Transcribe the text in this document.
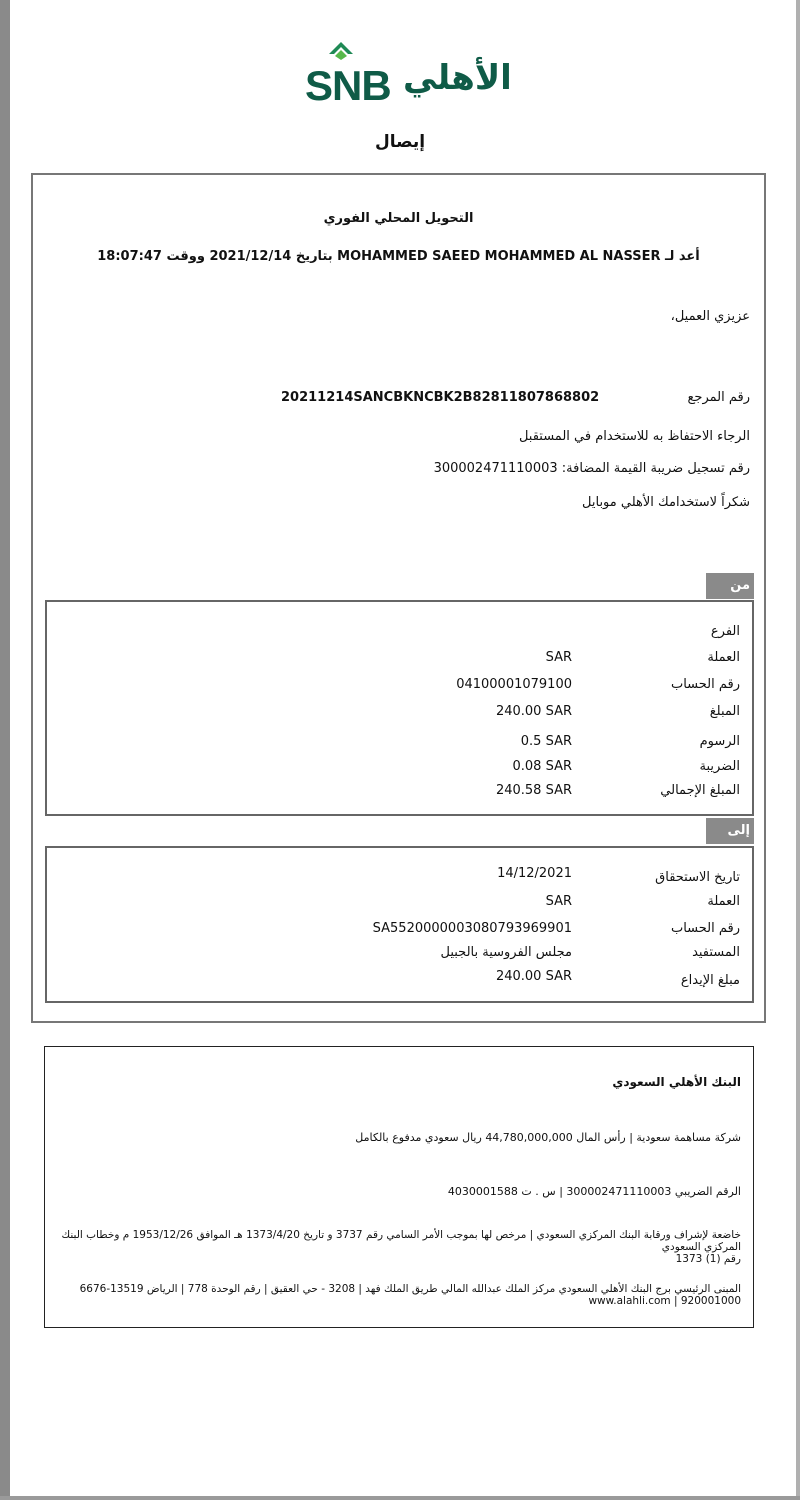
SNB الأهلي
إيصال
التحويل المحلي الفوري
أعد لـ MOHAMMED SAEED MOHAMMED AL NASSER بتاريخ 2021/12/14 ووقت 18:07:47
عزيزي العميل،
رقم المرجع
20211214SANCBKNCBK2B82811807868802
الرجاء الاحتفاظ به للاستخدام في المستقبل
رقم تسجيل ضريبة القيمة المضافة: 300002471110003
شكراً لاستخدامك الأهلي موبايل
من
الفرع
العملة
SAR
رقم الحساب
04100001079100
المبلغ
240.00 SAR
الرسوم
0.5 SAR
الضريبة
0.08 SAR
المبلغ الإجمالي
240.58 SAR
إلى
تاريخ الاستحقاق
14/12/2021
العملة
SAR
رقم الحساب
SA5520000003080793969901
المستفيد
مجلس الفروسية بالجبيل
مبلغ الإيداع
240.00 SAR
البنك الأهلي السعودي
شركة مساهمة سعودية | رأس المال 44,780,000,000 ريال سعودي مدفوع بالكامل
الرقم الضريبي 300002471110003 | س . ت 4030001588
خاضعة لإشراف ورقابة البنك المركزي السعودي | مرخص لها بموجب الأمر السامي رقم 3737 و تاريخ 1373/4/20 هـ الموافق 1953/12/26 م وخطاب البنك المركزي السعودي
رقم (1) 1373
المبنى الرئيسي برج البنك الأهلي السعودي مركز الملك عبدالله المالي طريق الملك فهد | 3208 - حي العقيق | رقم الوحدة 778 | الرياض 13519-6676
920001000 | www.alahli.com
